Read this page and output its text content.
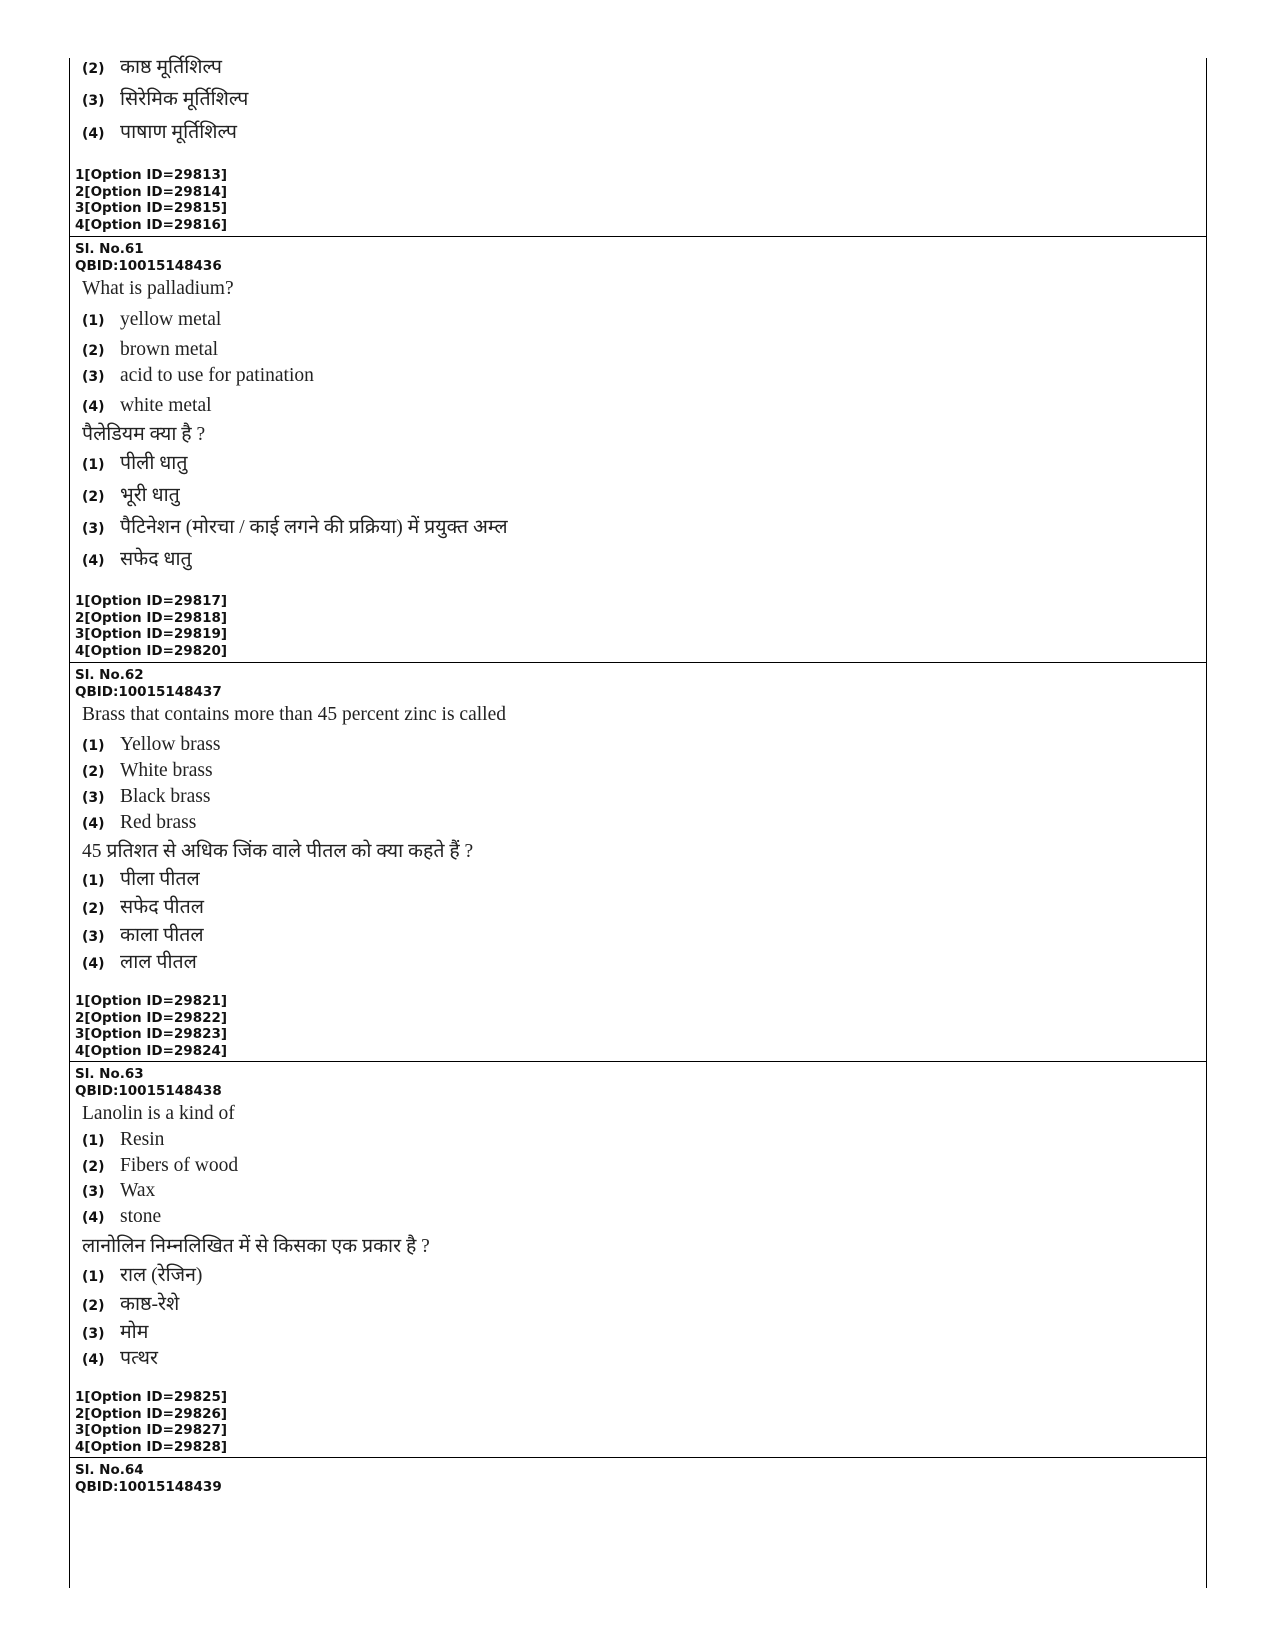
(2) काष्ठ मूर्तिशिल्प
(3) सिरेमिक मूर्तिशिल्प
(4) पाषाण मूर्तिशिल्प
1[Option ID=29813]
2[Option ID=29814]
3[Option ID=29815]
4[Option ID=29816]
Sl. No.61
QBID:10015148436
What is palladium?
(1) yellow metal
(2) brown metal
(3) acid to use for patination
(4) white metal
पैलेडियम क्या है ?
(1) पीली धातु
(2) भूरी धातु
(3) पैटिनेशन (मोरचा / काई लगने की प्रक्रिया) में प्रयुक्त अम्ल
(4) सफेद धातु
1[Option ID=29817]
2[Option ID=29818]
3[Option ID=29819]
4[Option ID=29820]
Sl. No.62
QBID:10015148437
Brass that contains more than 45 percent zinc is called
(1) Yellow brass
(2) White brass
(3) Black brass
(4) Red brass
45 प्रतिशत से अधिक जिंक वाले पीतल को क्या कहते हैं ?
(1) पीला पीतल
(2) सफेद पीतल
(3) काला पीतल
(4) लाल पीतल
1[Option ID=29821]
2[Option ID=29822]
3[Option ID=29823]
4[Option ID=29824]
Sl. No.63
QBID:10015148438
Lanolin is a kind of
(1) Resin
(2) Fibers of wood
(3) Wax
(4) stone
लानोलिन निम्नलिखित में से किसका एक प्रकार है ?
(1) राल (रेजिन)
(2) काष्ठ-रेशे
(3) मोम
(4) पत्थर
1[Option ID=29825]
2[Option ID=29826]
3[Option ID=29827]
4[Option ID=29828]
Sl. No.64
QBID:10015148439
